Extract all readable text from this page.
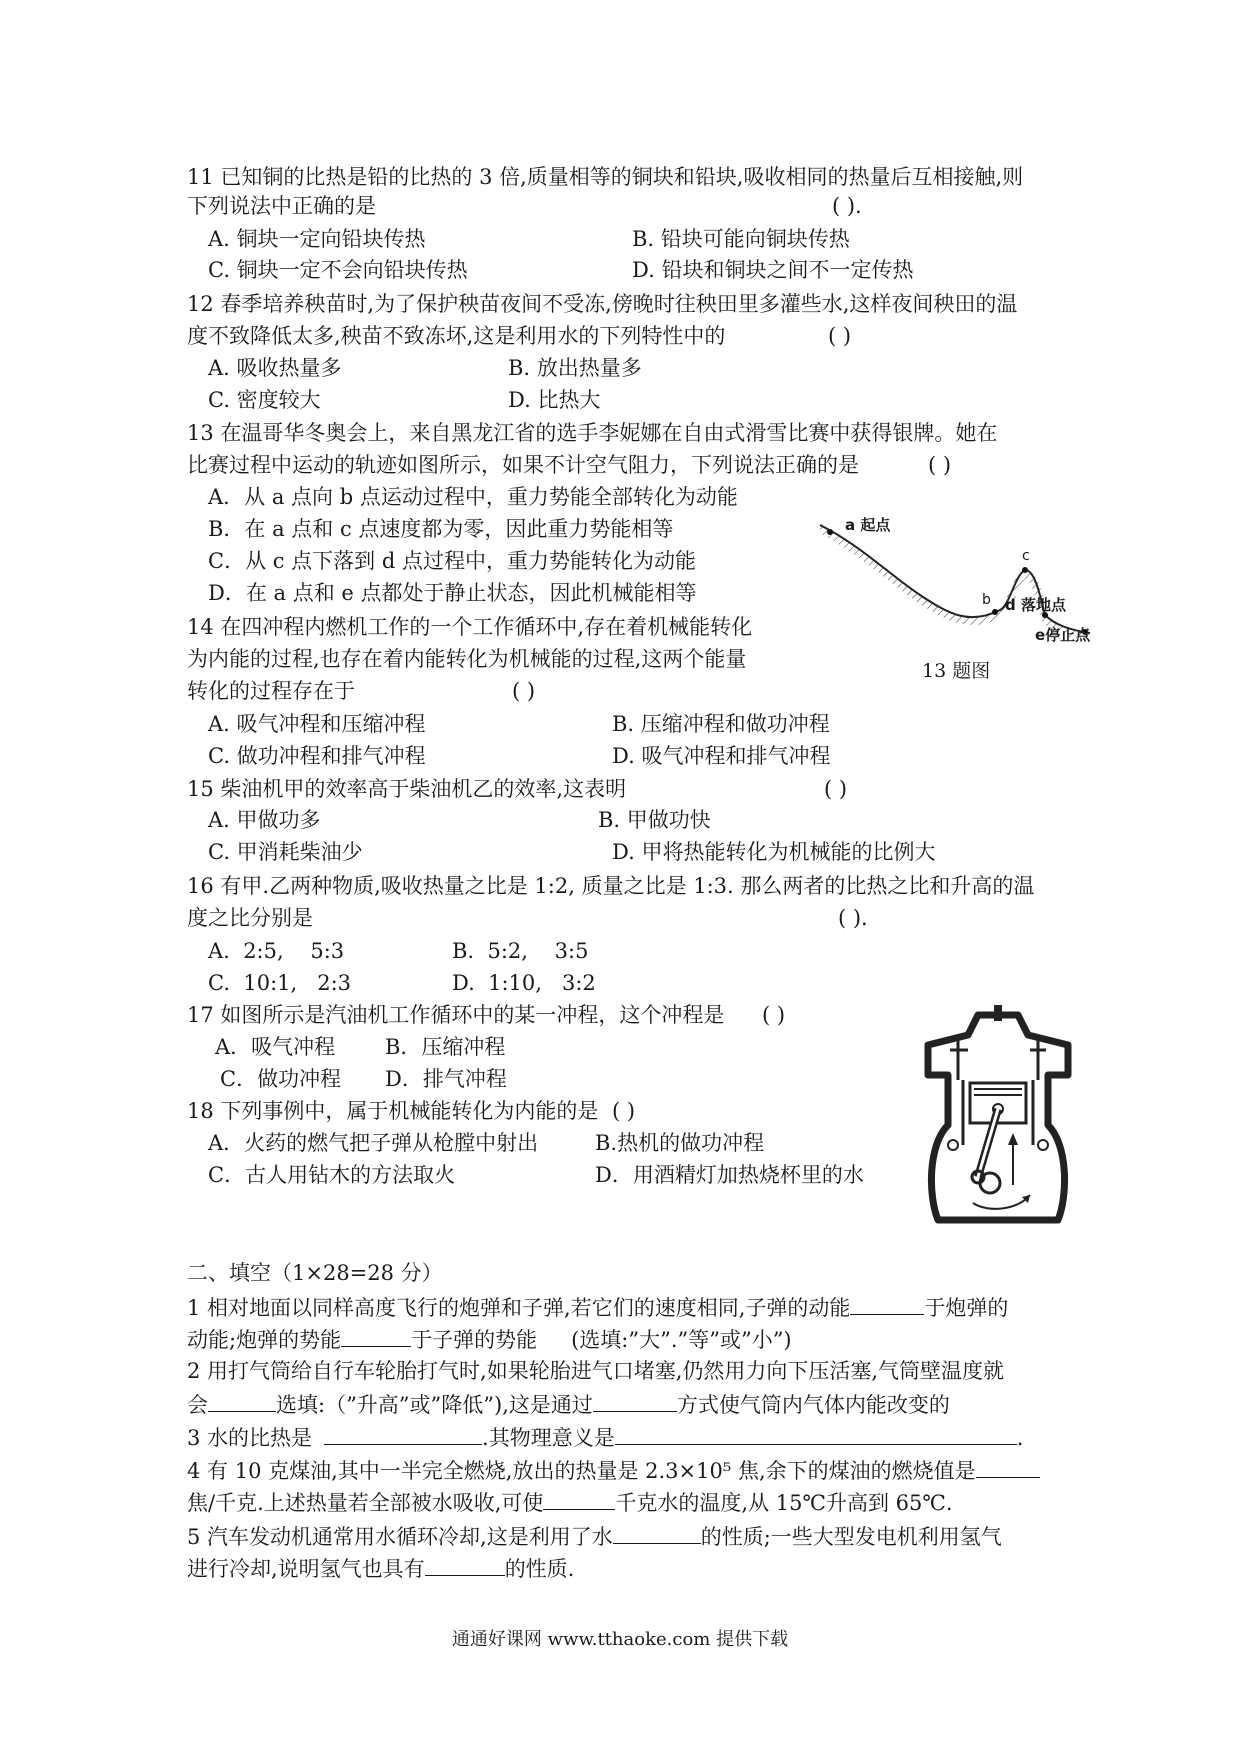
11 已知铜的比热是铅的比热的 3 倍,质量相等的铜块和铅块,吸收相同的热量后互相接触,则
下列说法中正确的是	( ).
A. 铜块一定向铅块传热	B. 铅块可能向铜块传热
C. 铜块一定不会向铅块传热	D. 铅块和铜块之间不一定传热
12 春季培养秧苗时,为了保护秧苗夜间不受冻,傍晚时往秧田里多灌些水,这样夜间秧田的温
度不致降低太多,秧苗不致冻坏,这是利用水的下列特性中的	( )
A. 吸收热量多	B. 放出热量多
C. 密度较大	D. 比热大
13 在温哥华冬奥会上，来自黑龙江省的选手李妮娜在自由式滑雪比赛中获得银牌。她在
比赛过程中运动的轨迹如图所示，如果不计空气阻力，下列说法正确的是	( )
A．从 a 点向 b 点运动过程中，重力势能全部转化为动能
B．在 a 点和 c 点速度都为零，因此重力势能相等
C．从 c 点下落到 d 点过程中，重力势能转化为动能
D．在 a 点和 e 点都处于静止状态，因此机械能相等
a 起点
b
c
d 落地点
e停止点
13 题图
14 在四冲程内燃机工作的一个工作循环中,存在着机械能转化
为内能的过程,也存在着内能转化为机械能的过程,这两个能量
转化的过程存在于	( )
A. 吸气冲程和压缩冲程	B. 压缩冲程和做功冲程
C. 做功冲程和排气冲程	D. 吸气冲程和排气冲程
15 柴油机甲的效率高于柴油机乙的效率,这表明	( )
A. 甲做功多	B. 甲做功快
C. 甲消耗柴油少	D. 甲将热能转化为机械能的比例大
16 有甲.乙两种物质,吸收热量之比是 1:2, 质量之比是 1:3. 那么两者的比热之比和升高的温
度之比分别是	( ).
A.  2:5,    5:3	B.  5:2,    3:5
C.  10:1,   2:3	D.  1:10,   3:2
17 如图所示是汽油机工作循环中的某一冲程，这个冲程是 ( )
A．吸气冲程 B．压缩冲程
C．做功冲程 D．排气冲程
18 下列事例中，属于机械能转化为内能的是 ( )
A．火药的燃气把子弹从枪膛中射出	B.热机的做功冲程
C．古人用钻木的方法取火	D．用酒精灯加热烧杯里的水
二、填空（1×28=28 分）
1 相对地面以同样高度飞行的炮弹和子弹,若它们的速度相同,子弹的动能	于炮弹的
动能;炮弹的势能	于子弹的势能 (选填:”大”.”等”或”小”)
2 用打气筒给自行车轮胎打气时,如果轮胎进气口堵塞,仍然用力向下压活塞,气筒壁温度就
会	选填:（”升高”或”降低”),这是通过	方式使气筒内气体内能改变的
3 水的比热是	.其物理意义是	.
4 有 10 克煤油,其中一半完全燃烧,放出的热量是 2.3×10⁵ 焦,余下的煤油的燃烧值是
焦/千克.上述热量若全部被水吸收,可使	千克水的温度,从 15℃升高到 65℃.
5 汽车发动机通常用水循环冷却,这是利用了水	的性质;一些大型发电机利用氢气
进行冷却,说明氢气也具有	的性质.
通通好课网 www.tthaoke.com 提供下载
